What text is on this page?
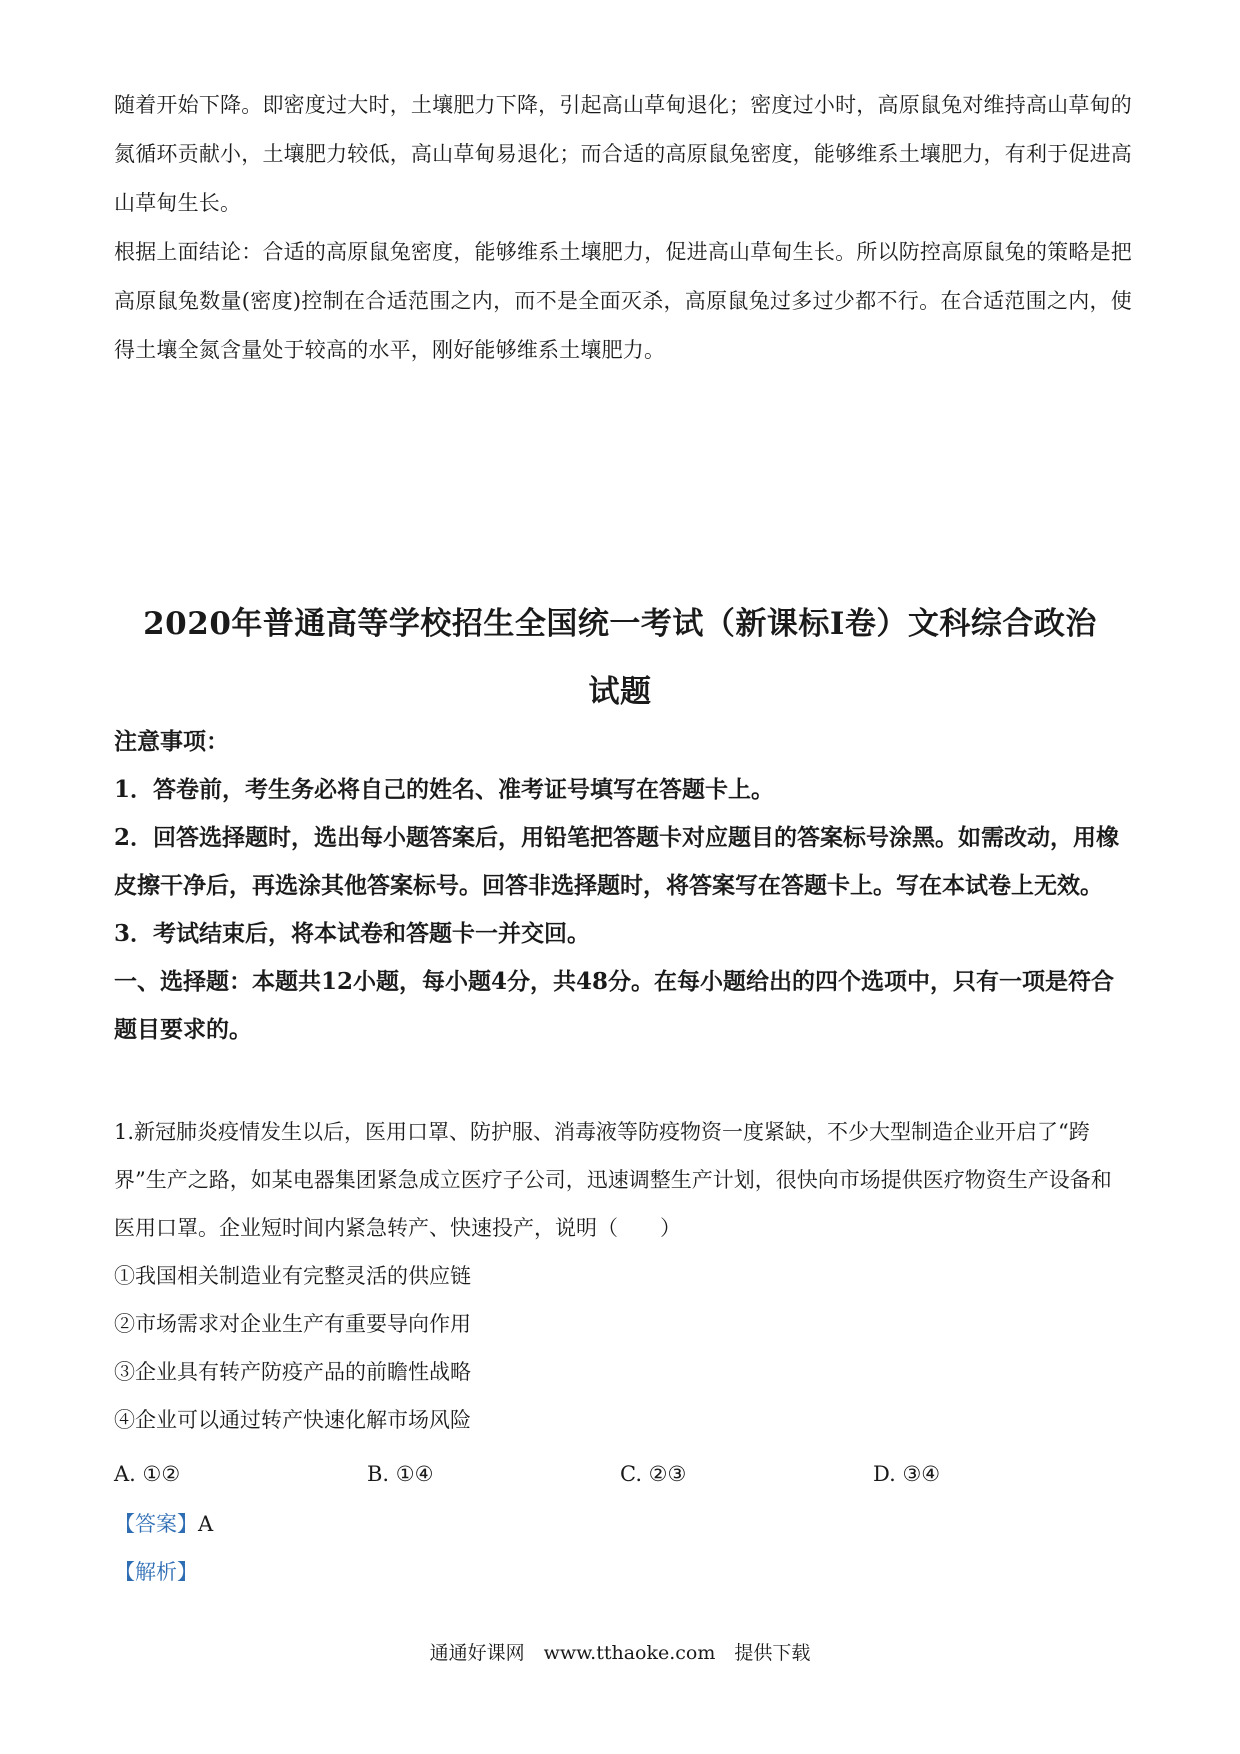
随着开始下降。即密度过大时，土壤肥力下降，引起高山草甸退化；密度过小时，高原鼠兔对维持高山草甸的氮循环贡献小，土壤肥力较低，高山草甸易退化；而合适的高原鼠兔密度，能够维系土壤肥力，有利于促进高山草甸生长。

根据上面结论：合适的高原鼠兔密度，能够维系土壤肥力，促进高山草甸生长。所以防控高原鼠兔的策略是把高原鼠兔数量(密度)控制在合适范围之内，而不是全面灭杀，高原鼠兔过多过少都不行。在合适范围之内，使得土壤全氮含量处于较高的水平，刚好能够维系土壤肥力。

2020年普通高等学校招生全国统一考试（新课标Ⅰ卷）文科综合政治
试题

注意事项：

1．答卷前，考生务必将自己的姓名、准考证号填写在答题卡上。

2．回答选择题时，选出每小题答案后，用铅笔把答题卡对应题目的答案标号涂黑。如需改动，用橡皮擦干净后，再选涂其他答案标号。回答非选择题时，将答案写在答题卡上。写在本试卷上无效。

3．考试结束后，将本试卷和答题卡一并交回。

一、选择题：本题共12小题，每小题4分，共48分。在每小题给出的四个选项中，只有一项是符合题目要求的。

1.新冠肺炎疫情发生以后，医用口罩、防护服、消毒液等防疫物资一度紧缺，不少大型制造企业开启了“跨界”生产之路，如某电器集团紧急成立医疗子公司，迅速调整生产计划，很快向市场提供医疗物资生产设备和医用口罩。企业短时间内紧急转产、快速投产，说明（　　）

①我国相关制造业有完整灵活的供应链

②市场需求对企业生产有重要导向作用

③企业具有转产防疫产品的前瞻性战略

④企业可以通过转产快速化解市场风险

A. ①②	B. ①④	C. ②③	D. ③④
【答案】A
【解析】
通通好课网　www.tthaoke.com　提供下载
